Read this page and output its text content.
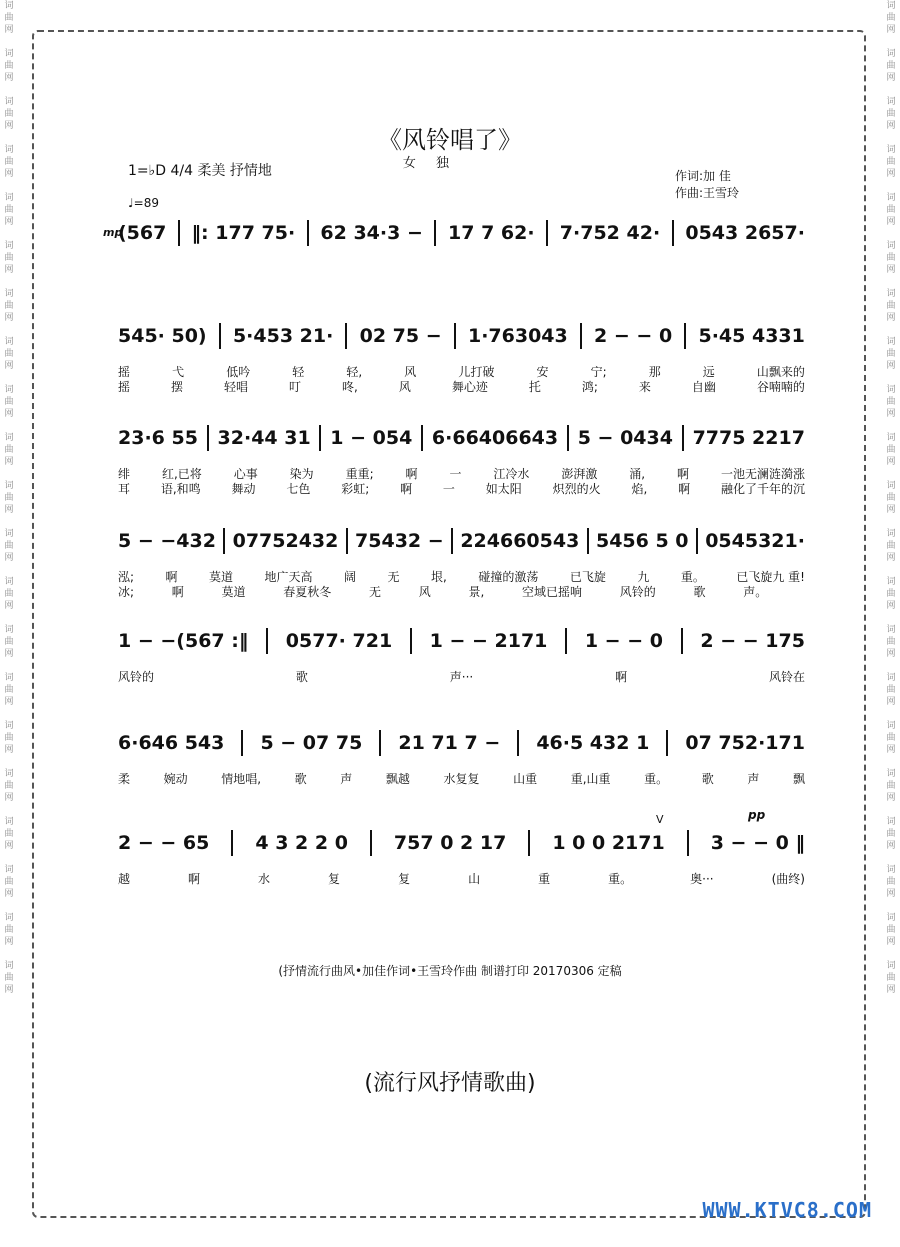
词
曲
网

词
曲
网

词
曲
网

词
曲
网

词
曲
网

词
曲
网

词
曲
网

词
曲
网

词
曲
网

词
曲
网

词
曲
网

词
曲
网

词
曲
网

词
曲
网

词
曲
网

词
曲
网

词
曲
网

词
曲
网

词
曲
网

词
曲
网

词
曲
网
词
曲
网

词
曲
网

词
曲
网

词
曲
网

词
曲
网

词
曲
网

词
曲
网

词
曲
网

词
曲
网

词
曲
网

词
曲
网

词
曲
网

词
曲
网

词
曲
网

词
曲
网

词
曲
网

词
曲
网

词
曲
网

词
曲
网

词
曲
网

词
曲
网
《风铃唱了》
女 独
1=♭D 4/4 柔美 抒情地
♩=89
作词:加 佳
作曲:王雪玲
mp
(567 ‖: 177 75· 62 34·3 − 17 7 62· 7·752 42· 0543 2657·
545· 50) 5·453 21· 02 75 − 1·763043 2 − − 0 5·45 4331
摇	弋	低吟	轻	轻,	风	儿打破	安	宁;	那	远	山飘来的
摇	摆	轻唱	叮	咚,	风	舞心迹	托	鸿;	来	自幽	谷喃喃的
23·6 55 32·44 31 1 − 054 6·66406643 5 − 0434 7775 2217
绯	红,已将	心事	染为	重重;	啊	一	江冷水	澎湃激	涌,	啊	一池无澜涟漪涨
耳	语,和鸣	舞动	七色	彩虹;	啊	一	如太阳	炽烈的火	焰,	啊	融化了千年的沉
5 − −432 07752432 75432 − 224660543 5456 5 0 0545321·
泓;	啊	莫道	地广天高	阔	无	垠,	碰撞的激荡	已飞旋	九	重。	已飞旋九 重!
冰;	啊	莫道	春夏秋冬	无	风	景,	空域已摇响	风铃的	歌	声。
1 − −(567 :‖ 0577· 721 1 − − 2171 1 − − 0 2 − − 175
风铃的	歌	声···	啊	风铃在
6·646 543 5 − 07 75 21 71 7 − 46·5 432 1 07 752·171
柔	婉动	情地唱,	歌	声	飘越	水复复	山重	重,山重	重。	歌	声	飘
2 − − 65 4 3 2 2 0 757 0 2 17 1 0 0 2171 3 − − 0 ‖
越	啊	水	复	复	山	重	重。	奥···	(曲终)
V	pp
(抒情流行曲风•加佳作词•王雪玲作曲 制谱打印 20170306 定稿
(流行风抒情歌曲)
WWW.KTVC8.COM
